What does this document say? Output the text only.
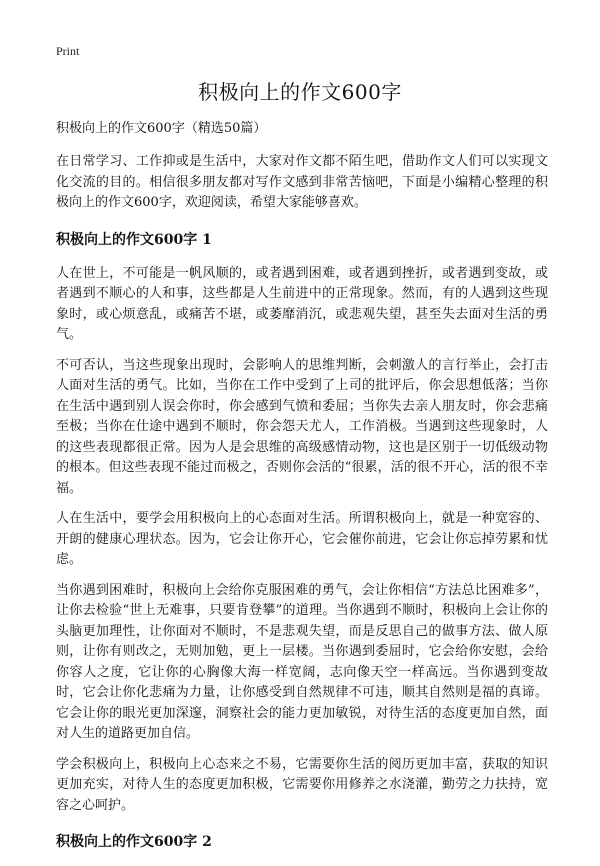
Print
积极向上的作文600字
积极向上的作文600字（精选50篇）

在日常学习、工作抑或是生活中，大家对作文都不陌生吧，借助作文人们可以实现文化交流的目的。相信很多朋友都对写作文感到非常苦恼吧，下面是小编精心整理的积极向上的作文600字，欢迎阅读，希望大家能够喜欢。

积极向上的作文600字 1

人在世上，不可能是一帆风顺的，或者遇到困难，或者遇到挫折，或者遇到变故，或者遇到不顺心的人和事，这些都是人生前进中的正常现象。然而，有的人遇到这些现象时，或心烦意乱，或痛苦不堪，或萎靡消沉，或悲观失望，甚至失去面对生活的勇气。

不可否认，当这些现象出现时，会影响人的思维判断，会刺激人的言行举止，会打击人面对生活的勇气。比如，当你在工作中受到了上司的批评后，你会思想低落；当你在生活中遇到别人误会你时，你会感到气愤和委屈；当你失去亲人朋友时，你会悲痛至极；当你在仕途中遇到不顺时，你会怨天尤人，工作消极。当遇到这些现象时，人的这些表现都很正常。因为人是会思维的高级感情动物，这也是区别于一切低级动物的根本。但这些表现不能过而极之，否则你会活的“很累，活的很不开心，活的很不幸福。

人在生活中，要学会用积极向上的心态面对生活。所谓积极向上，就是一种宽容的、开朗的健康心理状态。因为，它会让你开心，它会催你前进，它会让你忘掉劳累和忧虑。

当你遇到困难时，积极向上会给你克服困难的勇气，会让你相信“方法总比困难多”，让你去检验“世上无难事，只要肯登攀”的道理。当你遇到不顺时，积极向上会让你的头脑更加理性，让你面对不顺时，不是悲观失望，而是反思自己的做事方法、做人原则，让你有则改之，无则加勉，更上一层楼。当你遇到委屈时，它会给你安慰，会给你容人之度，它让你的心胸像大海一样宽阔，志向像天空一样高远。当你遇到变故时，它会让你化悲痛为力量，让你感受到自然规律不可违，顺其自然则是福的真谛。它会让你的眼光更加深邃，洞察社会的能力更加敏锐，对待生活的态度更加自然，面对人生的道路更加自信。

学会积极向上，积极向上心态来之不易，它需要你生活的阅历更加丰富，获取的知识更加充实，对待人生的态度更加积极，它需要你用修养之水浇灌，勤劳之力扶持，宽容之心呵护。

积极向上的作文600字 2
